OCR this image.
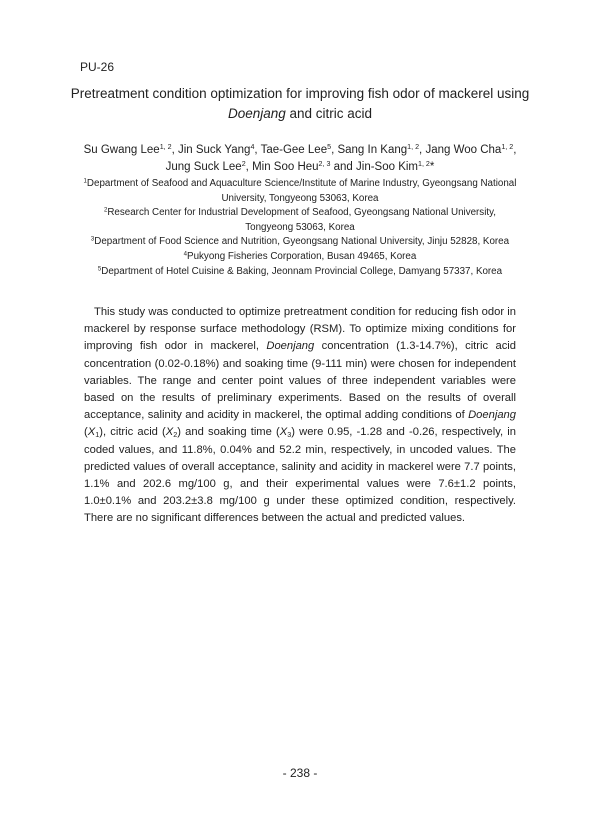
PU-26
Pretreatment condition optimization for improving fish odor of mackerel using
Doenjang and citric acid
Su Gwang Lee$^{1, 2}$, Jin Suck Yang$^4$, Tae-Gee Lee$^5$, Sang In Kang$^{1, 2}$, Jang Woo Cha$^{1, 2}$, Jung Suck Lee$^2$, Min Soo Heu$^{2, 3}$ and Jin-Soo Kim$^{1, 2}$*
$^1$Department of Seafood and Aquaculture Science/Institute of Marine Industry, Gyeongsang National University, Tongyeong 53063, Korea
$^2$Research Center for Industrial Development of Seafood, Gyeongsang National University, Tongyeong 53063, Korea
$^3$Department of Food Science and Nutrition, Gyeongsang National University, Jinju 52828, Korea
$^4$Pukyong Fisheries Corporation, Busan 49465, Korea
$^5$Department of Hotel Cuisine & Baking, Jeonnam Provincial College, Damyang 57337, Korea

This study was conducted to optimize pretreatment condition for reducing fish odor in mackerel by response surface methodology (RSM). To optimize mixing conditions for improving fish odor in mackerel, Doenjang concentration (1.3-14.7%), citric acid concentration (0.02-0.18%) and soaking time (9-111 min) were chosen for independent variables. The range and center point values of three independent variables were based on the results of preliminary experiments. Based on the results of overall acceptance, salinity and acidity in mackerel, the optimal adding conditions of Doenjang $(X_1)$, citric acid $(X_2)$ and soaking time $(X_3)$ were 0.95, -1.28 and -0.26, respectively, in coded values, and 11.8%, 0.04% and 52.2 min, respectively, in uncoded values. The predicted values of overall acceptance, salinity and acidity in mackerel were 7.7 points, 1.1% and 202.6 mg/100 g, and their experimental values were 7.6±1.2 points, 1.0±0.1% and 203.2±3.8 mg/100 g under these optimized condition, respectively. There are no significant differences between the actual and predicted values.

- 238 -
